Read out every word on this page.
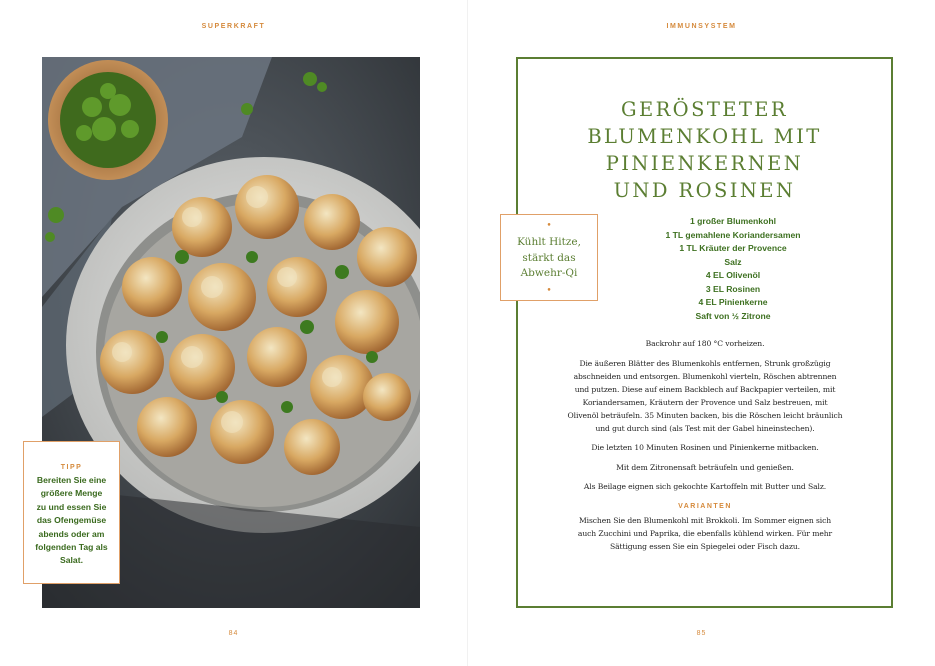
SUPERKRAFT
TIPP
Bereiten Sie eine
größere Menge
zu und essen Sie
das Ofengemüse
abends oder am
folgenden Tag als
Salat.
84
IMMUNSYSTEM
GERÖSTETER
BLUMENKOHL MIT
PINIENKERNEN
UND ROSINEN
•
Kühlt Hitze,
stärkt das
Abwehr-Qi
•
1 großer Blumenkohl
1 TL gemahlene Koriandersamen
1 TL Kräuter der Provence
Salz
4 EL Olivenöl
3 EL Rosinen
4 EL Pinienkerne
Saft von ½ Zitrone

Backrohr auf 180 °C vorheizen.

Die äußeren Blätter des Blumenkohls entfernen, Strunk großzügig
abschneiden und entsorgen. Blumenkohl vierteln, Röschen abtrennen
und putzen. Diese auf einem Backblech auf Backpapier verteilen, mit
Koriandersamen, Kräutern der Provence und Salz bestreuen, mit
Olivenöl beträufeln. 35 Minuten backen, bis die Röschen leicht bräunlich
und gut durch sind (als Test mit der Gabel hineinstechen).

Die letzten 10 Minuten Rosinen und Pinienkerne mitbacken.

Mit dem Zitronensaft beträufeln und genießen.

Als Beilage eignen sich gekochte Kartoffeln mit Butter und Salz.

VARIANTEN
Mischen Sie den Blumenkohl mit Brokkoli. Im Sommer eignen sich
auch Zucchini und Paprika, die ebenfalls kühlend wirken. Für mehr
Sättigung essen Sie ein Spiegelei oder Fisch dazu.
85
